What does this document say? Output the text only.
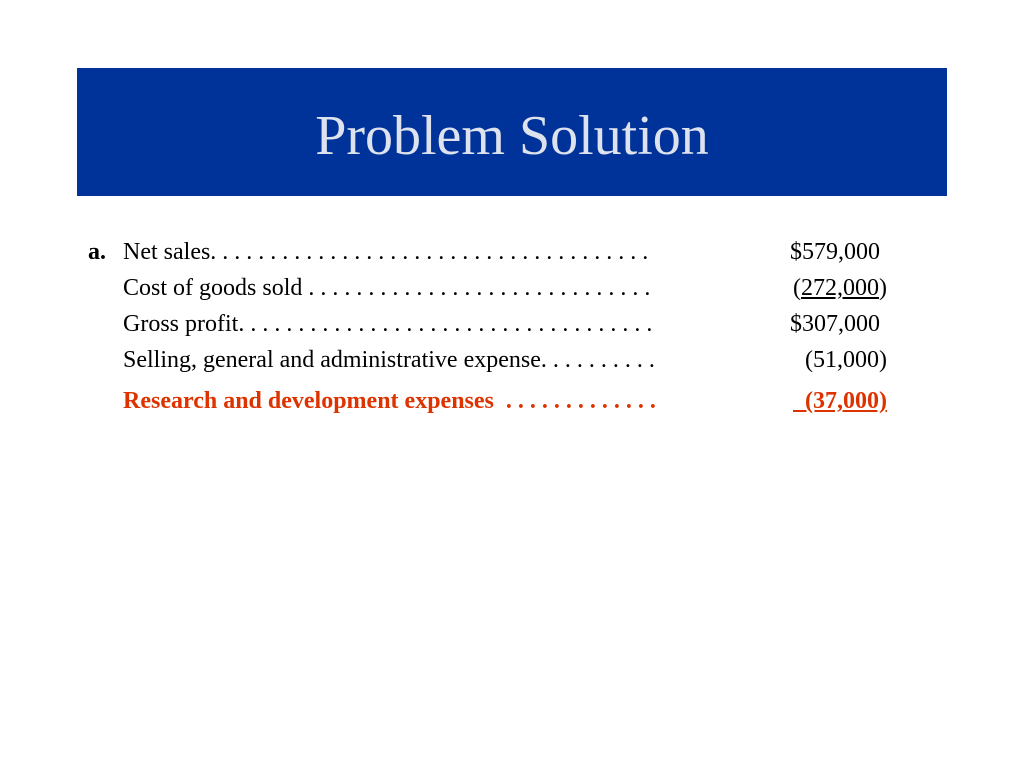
Problem Solution
a. Net sales. . . . . . . . . . . . . . . . . . . . . . . . . . . . . . . . . . . . .	$579,000
Cost of goods sold . . . . . . . . . . . . . . . . . . . . . . . . . . . . .	(272,000)
Gross profit. . . . . . . . . . . . . . . . . . . . . . . . . . . . . . . . . . .	$307,000
Selling, general and administrative expense. . . . . . . . . .	(51,000)
Research and development expenses  . . . . . . . . . . . . .	(37,000)
